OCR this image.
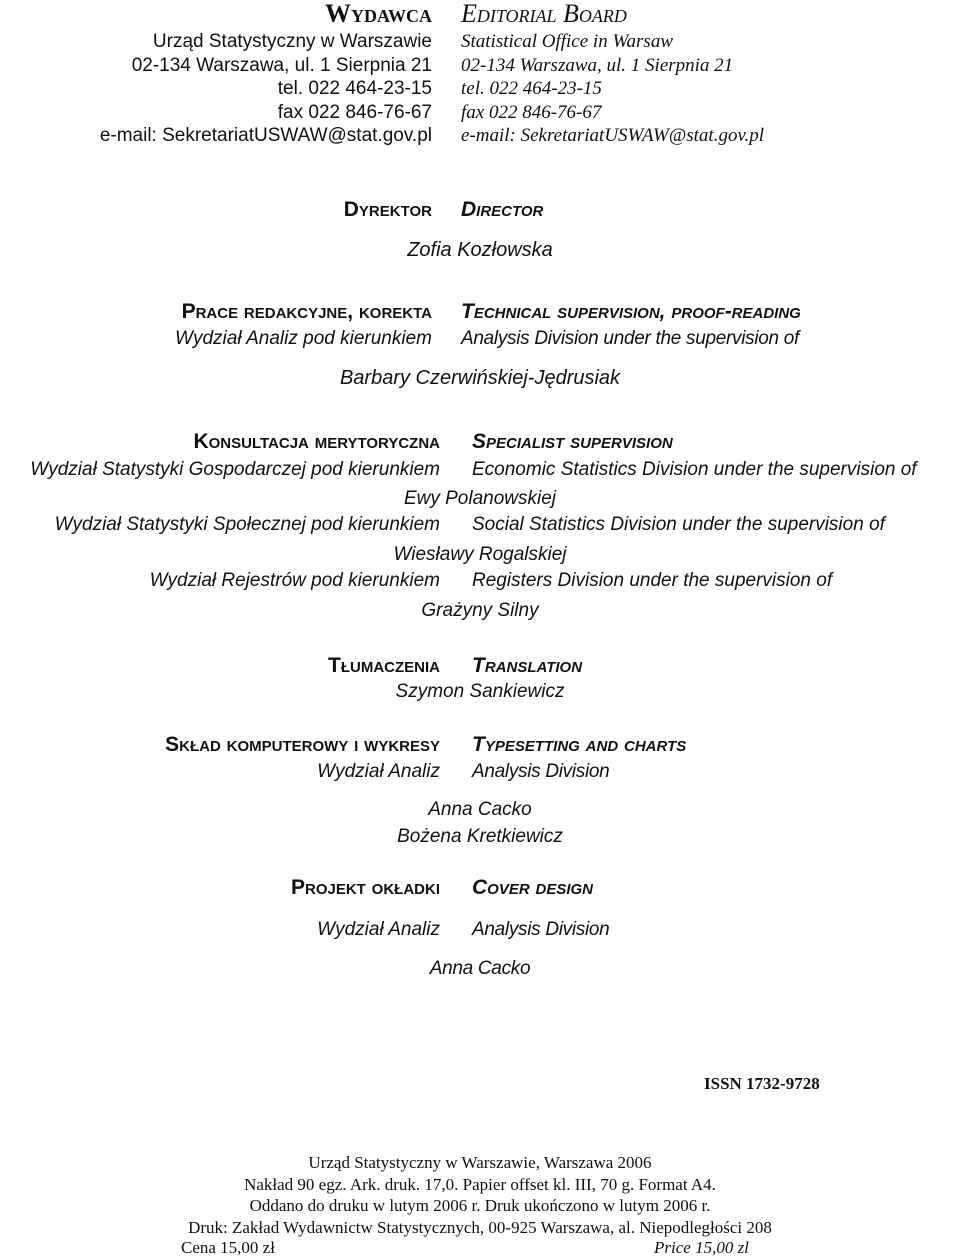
Wydawca Editorial Board
Urząd Statystyczny w Warszawie
02-134 Warszawa, ul. 1 Sierpnia 21
tel. 022 464-23-15
fax 022 846-76-67
e-mail: SekretariatUSWAW@stat.gov.pl
Statistical Office in Warsaw
02-134 Warszawa, ul. 1 Sierpnia 21
tel. 022 464-23-15
fax 022 846-76-67
e-mail: SekretariatUSWAW@stat.gov.pl
Dyrektor Director
Zofia Kozłowska
Prace redakcyjne, korekta Technical supervision, proof-reading
Wydział Analiz pod kierunkiem Analysis Division under the supervision of
Barbary Czerwińskiej-Jędrusiak
Konsultacja merytoryczna Specialist supervision
Wydział Statystyki Gospodarczej pod kierunkiem Economic Statistics Division under the supervision of
Ewy Polanowskiej
Wydział Statystyki Społecznej pod kierunkiem Social Statistics Division under the supervision of
Wiesławy Rogalskiej
Wydział Rejestrów pod kierunkiem Registers Division under the supervision of
Grażyny Silny
Tłumaczenia Translation
Szymon Sankiewicz
Skład komputerowy i wykresy Typesetting and charts
Wydział Analiz Analysis Division
Anna Cacko
Bożena Kretkiewicz
Projekt okładki Cover design
Wydział Analiz Analysis Division
Anna Cacko
ISSN 1732-9728
Urząd Statystyczny w Warszawie, Warszawa 2006
Nakład 90 egz. Ark. druk. 17,0. Papier offset kl. III, 70 g. Format A4.
Oddano do druku w lutym 2006 r. Druk ukończono w lutym 2006 r.
Druk: Zakład Wydawnictw Statystycznych, 00-925 Warszawa, al. Niepodległości 208
Cena 15,00 zł	Price 15,00 zl
